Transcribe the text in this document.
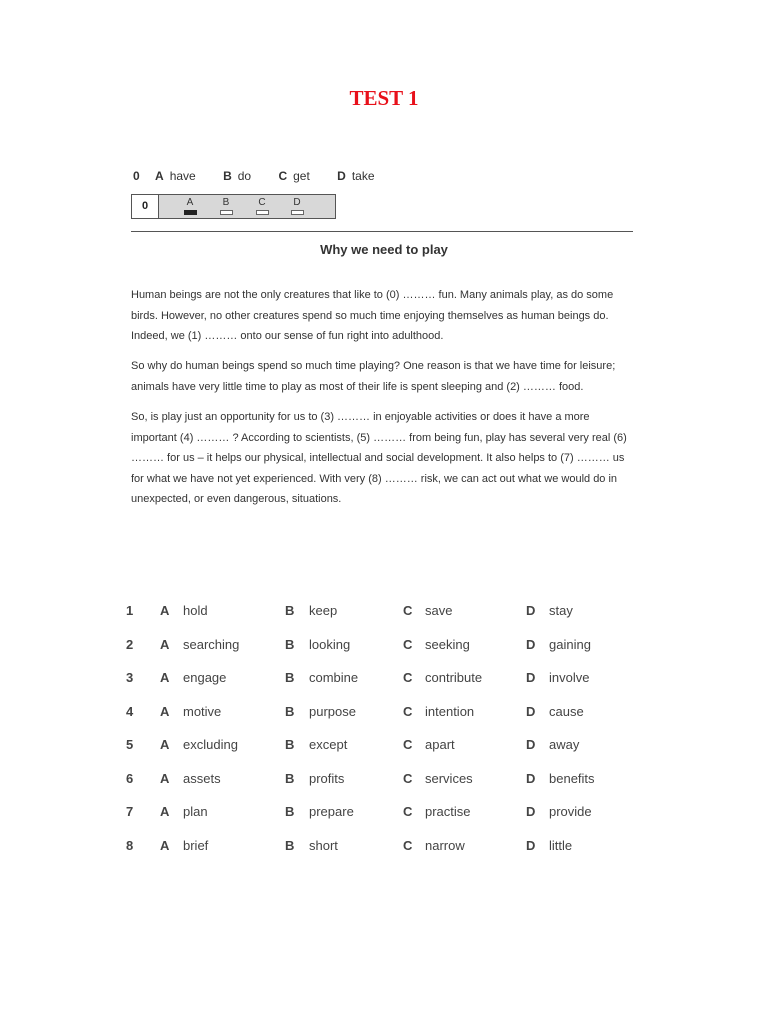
TEST 1
0 A have B do C get D take
0	A	B	C	D
Why we need to play
Human beings are not the only creatures that like to (0) ……… fun. Many animals play, as do some birds. However, no other creatures spend so much time enjoying themselves as human beings do. Indeed, we (1) ……… onto our sense of fun right into adulthood.
So why do human beings spend so much time playing? One reason is that we have time for leisure; animals have very little time to play as most of their life is spent sleeping and (2) ……… food.
So, is play just an opportunity for us to (3) ……… in enjoyable activities or does it have a more important (4) ……… ? According to scientists, (5) ……… from being fun, play has several very real (6) ……… for us – it helps our physical, intellectual and social development. It also helps to (7) ……… us for what we have not yet experienced. With very (8) ……… risk, we can act out what we would do in unexpected, or even dangerous, situations.
1 A hold	B keep	C save	D stay
2 A searching	B looking	C seeking	D gaining
3 A engage	B combine	C contribute	D involve
4 A motive	B purpose	C intention	D cause
5 A excluding	B except	C apart	D away
6 A assets	B profits	C services	D benefits
7 A plan	B prepare	C practise	D provide
8 A brief	B short	C narrow	D little
